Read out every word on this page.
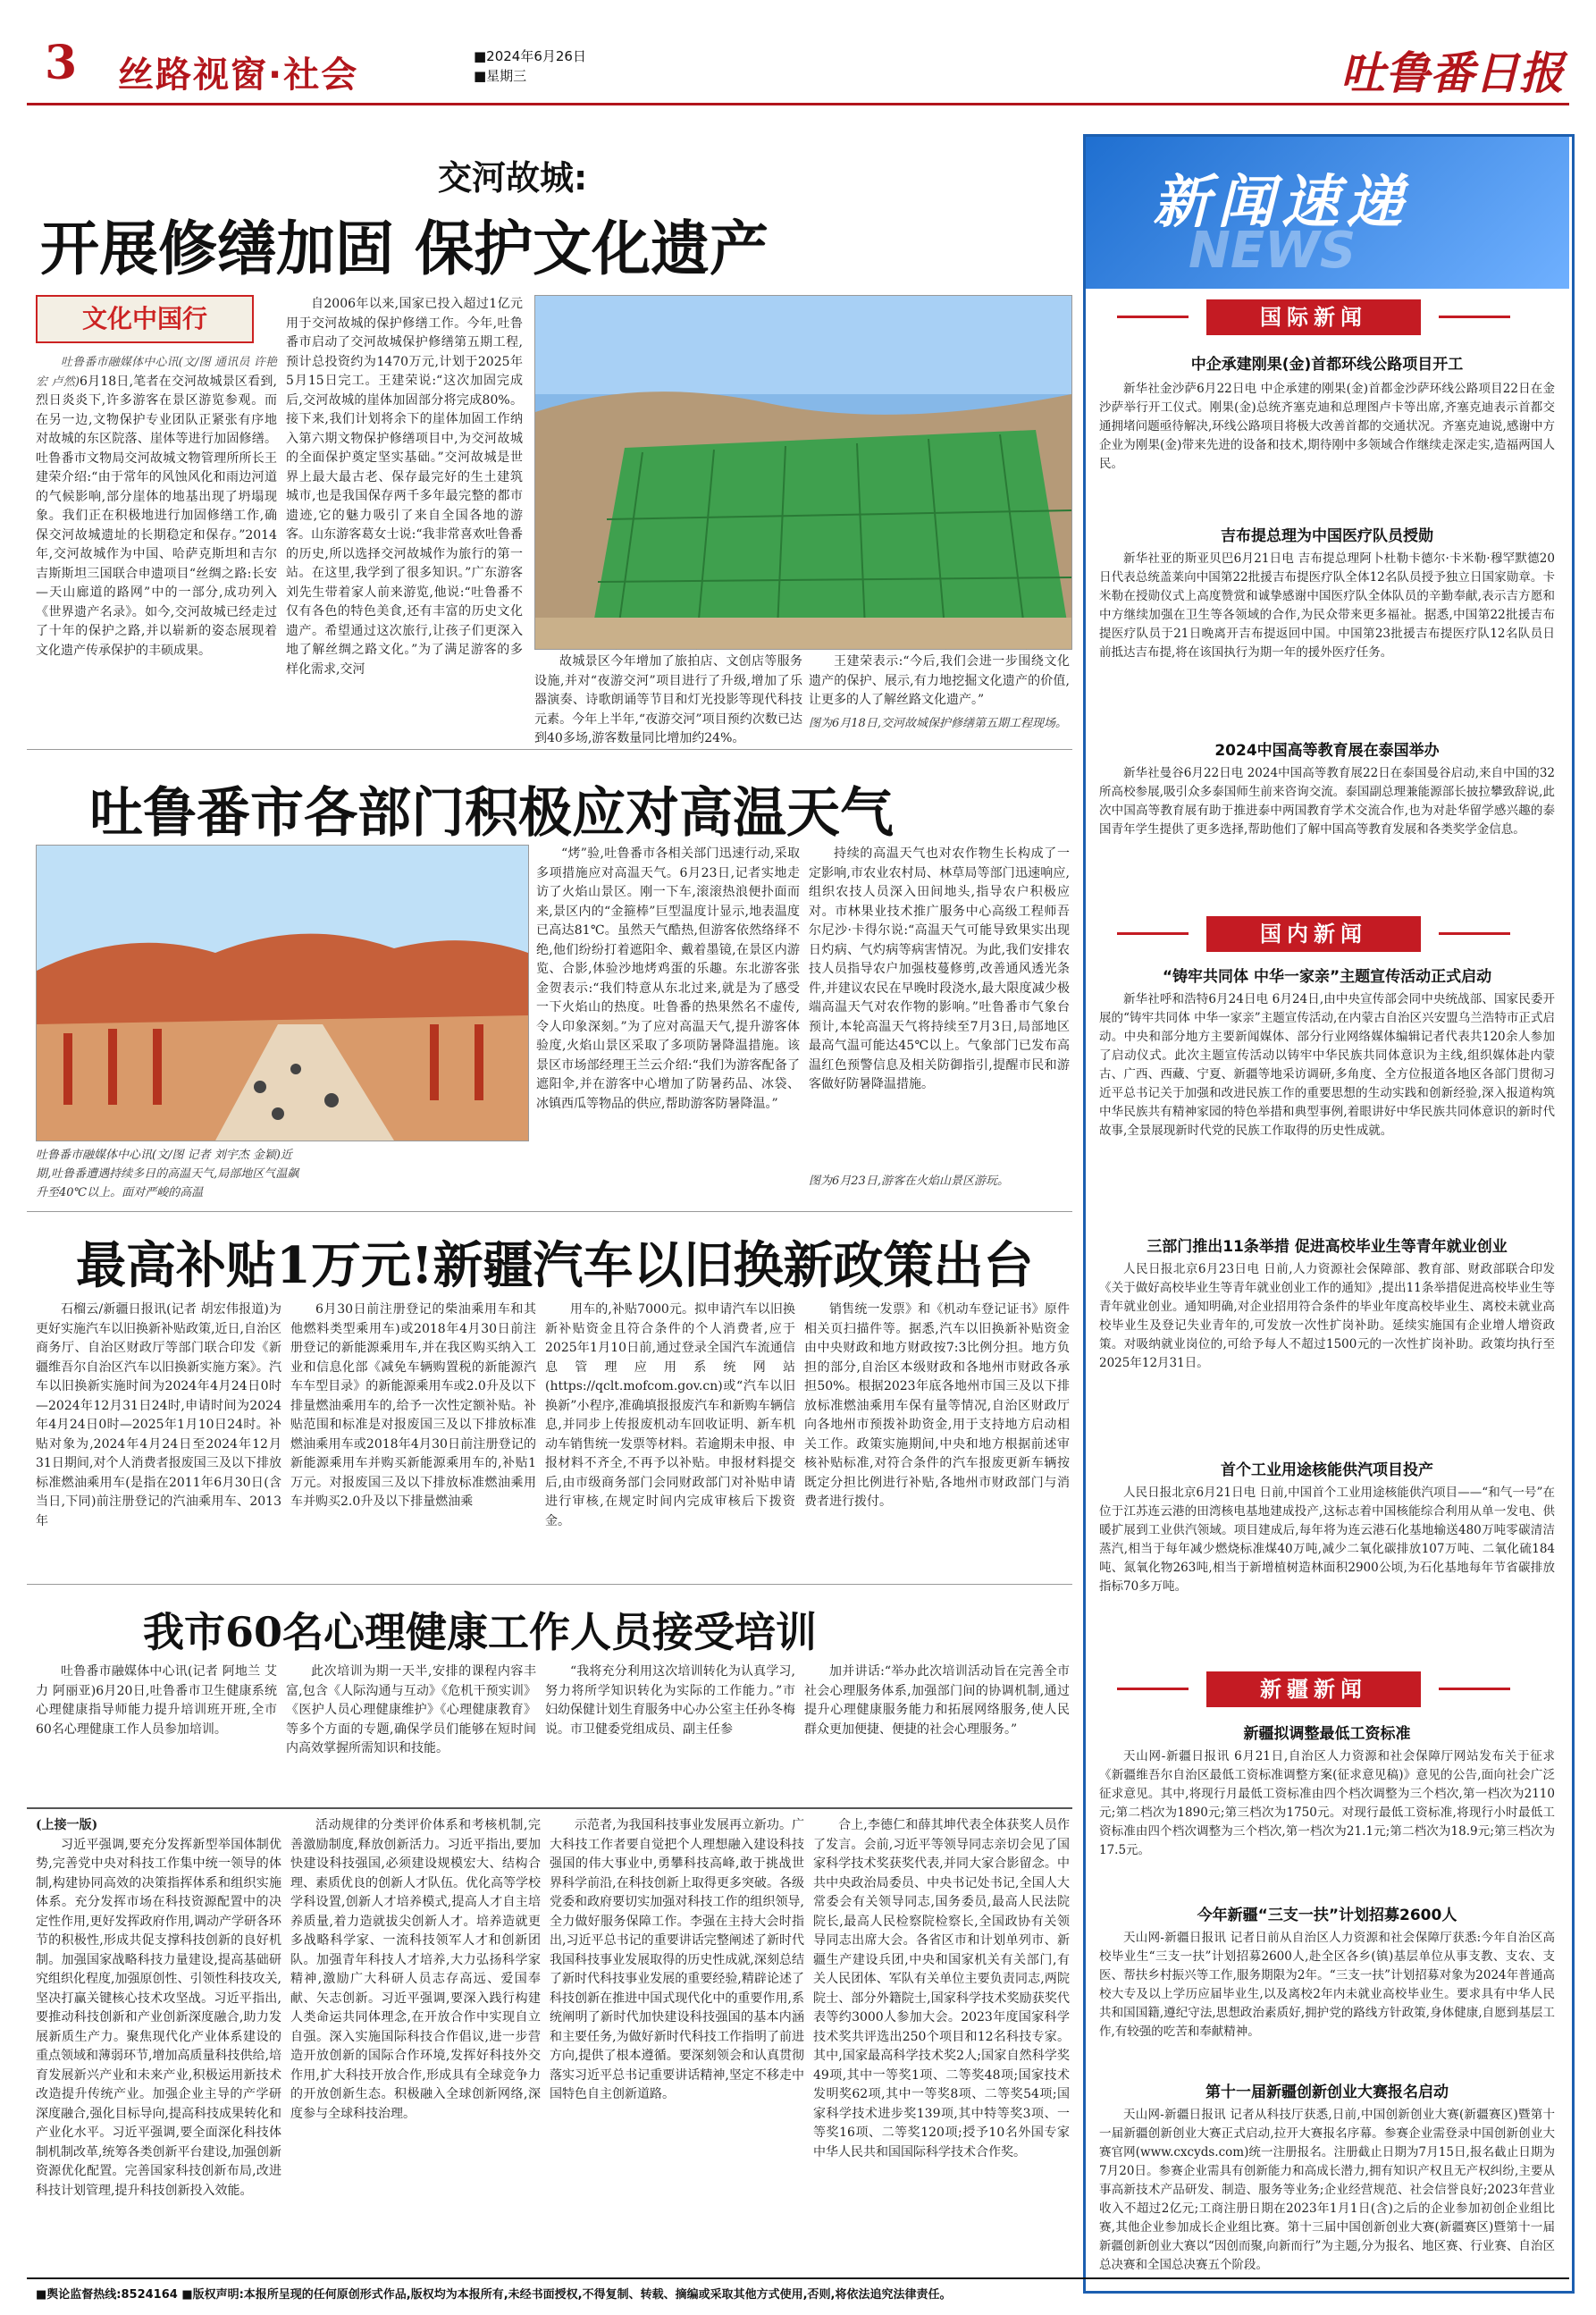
3 丝路视窗·社会	■2024年6月26日
■星期三	吐鲁番日报
交河故城:
开展修缮加固 保护文化遗产
文化中国行

吐鲁番市融媒体中心讯(文/图 通讯员 许艳宏 卢然)6月18日,笔者在交河故城景区看到,烈日炎炎下,许多游客在景区游览参观。而在另一边,文物保护专业团队正紧张有序地对故城的东区院落、崖体等进行加固修缮。吐鲁番市文物局交河故城文物管理所所长王建荣介绍:“由于常年的风蚀风化和雨边河道的气候影响,部分崖体的地基出现了坍塌现象。我们正在积极地进行加固修缮工作,确保交河故城遗址的长期稳定和保存。”2014年,交河故城作为中国、哈萨克斯坦和吉尔吉斯斯坦三国联合申遗项目“丝绸之路:长安—天山廊道的路网”中的一部分,成功列入《世界遗产名录》。如今,交河故城已经走过了十年的保护之路,并以崭新的姿态展现着文化遗产传承保护的丰硕成果。

自2006年以来,国家已投入超过1亿元用于交河故城的保护修缮工作。今年,吐鲁番市启动了交河故城保护修缮第五期工程,预计总投资约为1470万元,计划于2025年5月15日完工。王建荣说:“这次加固完成后,交河故城的崖体加固部分将完成80%。接下来,我们计划将余下的崖体加固工作纳入第六期文物保护修缮项目中,为交河故城的全面保护奠定坚实基础。”交河故城是世界上最大最古老、保存最完好的生土建筑城市,也是我国保存两千多年最完整的都市遗迹,它的魅力吸引了来自全国各地的游客。山东游客葛女士说:“我非常喜欢吐鲁番的历史,所以选择交河故城作为旅行的第一站。在这里,我学到了很多知识。”广东游客刘先生带着家人前来游览,他说:“吐鲁番不仅有各色的特色美食,还有丰富的历史文化遗产。希望通过这次旅行,让孩子们更深入地了解丝绸之路文化。”为了满足游客的多样化需求,交河

故城景区今年增加了旅拍店、文创店等服务设施,并对“夜游交河”项目进行了升级,增加了乐器演奏、诗歌朗诵等节目和灯光投影等现代科技元素。今年上半年,“夜游交河”项目预约次数已达到40多场,游客数量同比增加约24%。

王建荣表示:“今后,我们会进一步围绕文化遗产的保护、展示,有力地挖掘文化遗产的价值,让更多的人了解丝路文化遗产。”

图为6月18日,交河故城保护修缮第五期工程现场。
吐鲁番市各部门积极应对高温天气
吐鲁番市融媒体中心讯(文/图 记者 刘宇杰 金颖)近期,吐鲁番遭遇持续多日的高温天气,局部地区气温飙升至40℃以上。面对严峻的高温

“烤”验,吐鲁番市各相关部门迅速行动,采取多项措施应对高温天气。6月23日,记者实地走访了火焰山景区。刚一下车,滚滚热浪便扑面而来,景区内的“金箍棒”巨型温度计显示,地表温度已高达81℃。虽然天气酷热,但游客依然络绎不绝,他们纷纷打着遮阳伞、戴着墨镜,在景区内游览、合影,体验沙地烤鸡蛋的乐趣。东北游客张金贺表示:“我们特意从东北过来,就是为了感受一下火焰山的热度。吐鲁番的热果然名不虚传,令人印象深刻。”为了应对高温天气,提升游客体验度,火焰山景区采取了多项防暑降温措施。该景区市场部经理王兰云介绍:“我们为游客配备了遮阳伞,并在游客中心增加了防暑药品、冰袋、冰镇西瓜等物品的供应,帮助游客防暑降温。”

持续的高温天气也对农作物生长构成了一定影响,市农业农村局、林草局等部门迅速响应,组织农技人员深入田间地头,指导农户积极应对。市林果业技术推广服务中心高级工程师吾尔尼沙·卡得尔说:“高温天气可能导致果实出现日灼病、气灼病等病害情况。为此,我们安排农技人员指导农户加强枝蔓修剪,改善通风透光条件,并建议农民在早晚时段浇水,最大限度减少极端高温天气对农作物的影响。”吐鲁番市气象台预计,本轮高温天气将持续至7月3日,局部地区最高气温可能达45℃以上。气象部门已发布高温红色预警信息及相关防御指引,提醒市民和游客做好防暑降温措施。

图为6月23日,游客在火焰山景区游玩。
最高补贴1万元!新疆汽车以旧换新政策出台

石榴云/新疆日报讯(记者 胡宏伟报道)为更好实施汽车以旧换新补贴政策,近日,自治区商务厅、自治区财政厅等部门联合印发《新疆维吾尔自治区汽车以旧换新实施方案》。汽车以旧换新实施时间为2024年4月24日0时—2024年12月31日24时,申请时间为2024年4月24日0时—2025年1月10日24时。补贴对象为,2024年4月24日至2024年12月31日期间,对个人消费者报废国三及以下排放标准燃油乘用车(是指在2011年6月30日(含当日,下同)前注册登记的汽油乘用车、2013年

6月30日前注册登记的柴油乘用车和其他燃料类型乘用车)或2018年4月30日前注册登记的新能源乘用车,并在我区购买纳入工业和信息化部《减免车辆购置税的新能源汽车车型目录》的新能源乘用车或2.0升及以下排量燃油乘用车的,给予一次性定额补贴。补贴范围和标准是对报废国三及以下排放标准燃油乘用车或2018年4月30日前注册登记的新能源乘用车并购买新能源乘用车的,补贴1万元。对报废国三及以下排放标准燃油乘用车并购买2.0升及以下排量燃油乘

用车的,补贴7000元。拟申请汽车以旧换新补贴资金且符合条件的个人消费者,应于2025年1月10日前,通过登录全国汽车流通信息管理应用系统网站(https://qclt.mofcom.gov.cn)或“汽车以旧换新”小程序,准确填报报废汽车和新购车辆信息,并同步上传报废机动车回收证明、新车机动车销售统一发票等材料。若逾期未申报、申报材料不齐全,不再予以补贴。申报材料提交后,由市级商务部门会同财政部门对补贴申请进行审核,在规定时间内完成审核后下拨资金。

销售统一发票》和《机动车登记证书》原件相关页扫描件等。据悉,汽车以旧换新补贴资金由中央财政和地方财政按7:3比例分担。地方负担的部分,自治区本级财政和各地州市财政各承担50%。根据2023年底各地州市国三及以下排放标准燃油乘用车保有量等情况,自治区财政厅向各地州市预拨补助资金,用于支持地方启动相关工作。政策实施期间,中央和地方根据前述审核补贴标准,对符合条件的汽车报废更新车辆按既定分担比例进行补贴,各地州市财政部门与消费者进行拨付。

我市60名心理健康工作人员接受培训

吐鲁番市融媒体中心讯(记者 阿地兰 艾力 阿丽亚)6月20日,吐鲁番市卫生健康系统心理健康指导师能力提升培训班开班,全市60名心理健康工作人员参加培训。

此次培训为期一天半,安排的课程内容丰富,包含《人际沟通与互动》《危机干预实训》《医护人员心理健康维护》《心理健康教育》等多个方面的专题,确保学员们能够在短时间内高效掌握所需知识和技能。

“我将充分利用这次培训转化为认真学习,努力将所学知识转化为实际的工作能力。”市妇幼保健计划生育服务中心办公室主任孙冬梅说。市卫健委党组成员、副主任参

加并讲话:“举办此次培训活动旨在完善全市社会心理服务体系,加强部门间的协调机制,通过提升心理健康服务能力和拓展网络服务,使人民群众更加便捷、便捷的社会心理服务。”

(上接一版)

习近平强调,要充分发挥新型举国体制优势,完善党中央对科技工作集中统一领导的体制,构建协同高效的决策指挥体系和组织实施体系。充分发挥市场在科技资源配置中的决定性作用,更好发挥政府作用,调动产学研各环节的积极性,形成共促支撑科技创新的良好机制。加强国家战略科技力量建设,提高基础研究组织化程度,加强原创性、引领性科技攻关,坚决打赢关键核心技术攻坚战。习近平指出,要推动科技创新和产业创新深度融合,助力发展新质生产力。聚焦现代化产业体系建设的重点领域和薄弱环节,增加高质量科技供给,培育发展新兴产业和未来产业,积极运用新技术改造提升传统产业。加强企业主导的产学研深度融合,强化目标导向,提高科技成果转化和产业化水平。习近平强调,要全面深化科技体制机制改革,统筹各类创新平台建设,加强创新资源优化配置。完善国家科技创新布局,改进科技计划管理,提升科技创新投入效能。

活动规律的分类评价体系和考核机制,完善激励制度,释放创新活力。习近平指出,要加快建设科技强国,必须建设规模宏大、结构合理、素质优良的创新人才队伍。优化高等学校学科设置,创新人才培养模式,提高人才自主培养质量,着力造就拔尖创新人才。培养造就更多战略科学家、一流科技领军人才和创新团队。加强青年科技人才培养,大力弘扬科学家精神,激励广大科研人员志存高远、爱国奉献、矢志创新。习近平强调,要深入践行构建人类命运共同体理念,在开放合作中实现自立自强。深入实施国际科技合作倡议,进一步营造开放创新的国际合作环境,发挥好科技外交作用,扩大科技开放合作,形成具有全球竞争力的开放创新生态。积极融入全球创新网络,深度参与全球科技治理。

示范者,为我国科技事业发展再立新功。广大科技工作者要自觉把个人理想融入建设科技强国的伟大事业中,勇攀科技高峰,敢于挑战世界科学前沿,在科技创新上取得更多突破。各级党委和政府要切实加强对科技工作的组织领导,全力做好服务保障工作。李强在主持大会时指出,习近平总书记的重要讲话完整阐述了新时代我国科技事业发展取得的历史性成就,深刻总结了新时代科技事业发展的重要经验,精辟论述了科技创新在推进中国式现代化中的重要作用,系统阐明了新时代加快建设科技强国的基本内涵和主要任务,为做好新时代科技工作指明了前进方向,提供了根本遵循。要深刻领会和认真贯彻落实习近平总书记重要讲话精神,坚定不移走中国特色自主创新道路。

合上,李德仁和薛其坤代表全体获奖人员作了发言。会前,习近平等领导同志亲切会见了国家科学技术奖获奖代表,并同大家合影留念。中共中央政治局委员、中央书记处书记,全国人大常委会有关领导同志,国务委员,最高人民法院院长,最高人民检察院检察长,全国政协有关领导同志出席大会。各省区市和计划单列市、新疆生产建设兵团,中央和国家机关有关部门,有关人民团体、军队有关单位主要负责同志,两院院士、部分外籍院士,国家科学技术奖励获奖代表等约3000人参加大会。2023年度国家科学技术奖共评选出250个项目和12名科技专家。其中,国家最高科学技术奖2人;国家自然科学奖49项,其中一等奖1项、二等奖48项;国家技术发明奖62项,其中一等奖8项、二等奖54项;国家科学技术进步奖139项,其中特等奖3项、一等奖16项、二等奖120项;授予10名外国专家中华人民共和国国际科学技术合作奖。

NEWS
新闻速递
国际新闻
中企承建刚果(金)首都环线公路项目开工

新华社金沙萨6月22日电 中企承建的刚果(金)首都金沙萨环线公路项目22日在金沙萨举行开工仪式。刚果(金)总统齐塞克迪和总理图卢卡等出席,齐塞克迪表示首都交通拥堵问题亟待解决,环线公路项目将极大改善首都的交通状况。齐塞克迪说,感谢中方企业为刚果(金)带来先进的设备和技术,期待刚中多领域合作继续走深走实,造福两国人民。

吉布提总理为中国医疗队员授勋

新华社亚的斯亚贝巴6月21日电 吉布提总理阿卜杜勒卡德尔·卡米勒·穆罕默德20日代表总统盖莱向中国第22批援吉布提医疗队全体12名队员授予独立日国家勋章。卡米勒在授勋仪式上高度赞赏和诚挚感谢中国医疗队全体队员的辛勤奉献,表示吉方愿和中方继续加强在卫生等各领域的合作,为民众带来更多福祉。据悉,中国第22批援吉布提医疗队员于21日晚离开吉布提返回中国。中国第23批援吉布提医疗队12名队员日前抵达吉布提,将在该国执行为期一年的援外医疗任务。

2024中国高等教育展在泰国举办

新华社曼谷6月22日电 2024中国高等教育展22日在泰国曼谷启动,来自中国的32所高校参展,吸引众多泰国师生前来咨询交流。泰国副总理兼能源部长披拉攀致辞说,此次中国高等教育展有助于推进泰中两国教育学术交流合作,也为对赴华留学感兴趣的泰国青年学生提供了更多选择,帮助他们了解中国高等教育发展和各类奖学金信息。

国内新闻
“铸牢共同体 中华一家亲”主题宣传活动正式启动

新华社呼和浩特6月24日电 6月24日,由中央宣传部会同中央统战部、国家民委开展的“铸牢共同体 中华一家亲”主题宣传活动,在内蒙古自治区兴安盟乌兰浩特市正式启动。中央和部分地方主要新闻媒体、部分行业网络媒体编辑记者代表共120余人参加了启动仪式。此次主题宣传活动以铸牢中华民族共同体意识为主线,组织媒体赴内蒙古、广西、西藏、宁夏、新疆等地采访调研,多角度、全方位报道各地区各部门贯彻习近平总书记关于加强和改进民族工作的重要思想的生动实践和创新经验,深入报道构筑中华民族共有精神家园的特色举措和典型事例,着眼讲好中华民族共同体意识的新时代故事,全景展现新时代党的民族工作取得的历史性成就。

三部门推出11条举措 促进高校毕业生等青年就业创业

人民日报北京6月23日电 日前,人力资源社会保障部、教育部、财政部联合印发《关于做好高校毕业生等青年就业创业工作的通知》,提出11条举措促进高校毕业生等青年就业创业。通知明确,对企业招用符合条件的毕业年度高校毕业生、离校未就业高校毕业生及登记失业青年的,可发放一次性扩岗补助。延续实施国有企业增人增资政策。对吸纳就业岗位的,可给予每人不超过1500元的一次性扩岗补助。政策均执行至2025年12月31日。

首个工业用途核能供汽项目投产

人民日报北京6月21日电 日前,中国首个工业用途核能供汽项目——“和气一号”在位于江苏连云港的田湾核电基地建成投产,这标志着中国核能综合利用从单一发电、供暖扩展到工业供汽领域。项目建成后,每年将为连云港石化基地输送480万吨零碳清洁蒸汽,相当于每年减少燃烧标准煤40万吨,减少二氧化碳排放107万吨、二氧化硫184吨、氮氧化物263吨,相当于新增植树造林面积2900公顷,为石化基地每年节省碳排放指标70多万吨。

新疆新闻
新疆拟调整最低工资标准

天山网-新疆日报讯 6月21日,自治区人力资源和社会保障厅网站发布关于征求《新疆维吾尔自治区最低工资标准调整方案(征求意见稿)》意见的公告,面向社会广泛征求意见。其中,将现行月最低工资标准由四个档次调整为三个档次,第一档次为2110元;第二档次为1890元;第三档次为1750元。对现行最低工资标准,将现行小时最低工资标准由四个档次调整为三个档次,第一档次为21.1元;第二档次为18.9元;第三档次为17.5元。

今年新疆“三支一扶”计划招募2600人

天山网-新疆日报讯 记者日前从自治区人力资源和社会保障厅获悉:今年自治区高校毕业生“三支一扶”计划招募2600人,赴全区各乡(镇)基层单位从事支教、支农、支医、帮扶乡村振兴等工作,服务期限为2年。“三支一扶”计划招募对象为2024年普通高校大专及以上学历应届毕业生,以及离校2年内未就业高校毕业生。要求具有中华人民共和国国籍,遵纪守法,思想政治素质好,拥护党的路线方针政策,身体健康,自愿到基层工作,有较强的吃苦和奉献精神。

第十一届新疆创新创业大赛报名启动

天山网-新疆日报讯 记者从科技厅获悉,日前,中国创新创业大赛(新疆赛区)暨第十一届新疆创新创业大赛正式启动,拉开大赛报名序幕。参赛企业需登录中国创新创业大赛官网(www.cxcyds.com)统一注册报名。注册截止日期为7月15日,报名截止日期为7月20日。参赛企业需具有创新能力和高成长潜力,拥有知识产权且无产权纠纷,主要从事高新技术产品研发、制造、服务等业务;企业经营规范、社会信誉良好;2023年营业收入不超过2亿元;工商注册日期在2023年1月1日(含)之后的企业参加初创企业组比赛,其他企业参加成长企业组比赛。第十三届中国创新创业大赛(新疆赛区)暨第十一届新疆创新创业大赛以“因创而聚,向新而行”为主题,分为报名、地区赛、行业赛、自治区总决赛和全国总决赛五个阶段。

■舆论监督热线:8524164 ■版权声明:本报所呈现的任何原创形式作品,版权均为本报所有,未经书面授权,不得复制、转载、摘编或采取其他方式使用,否则,将依法追究法律责任。
